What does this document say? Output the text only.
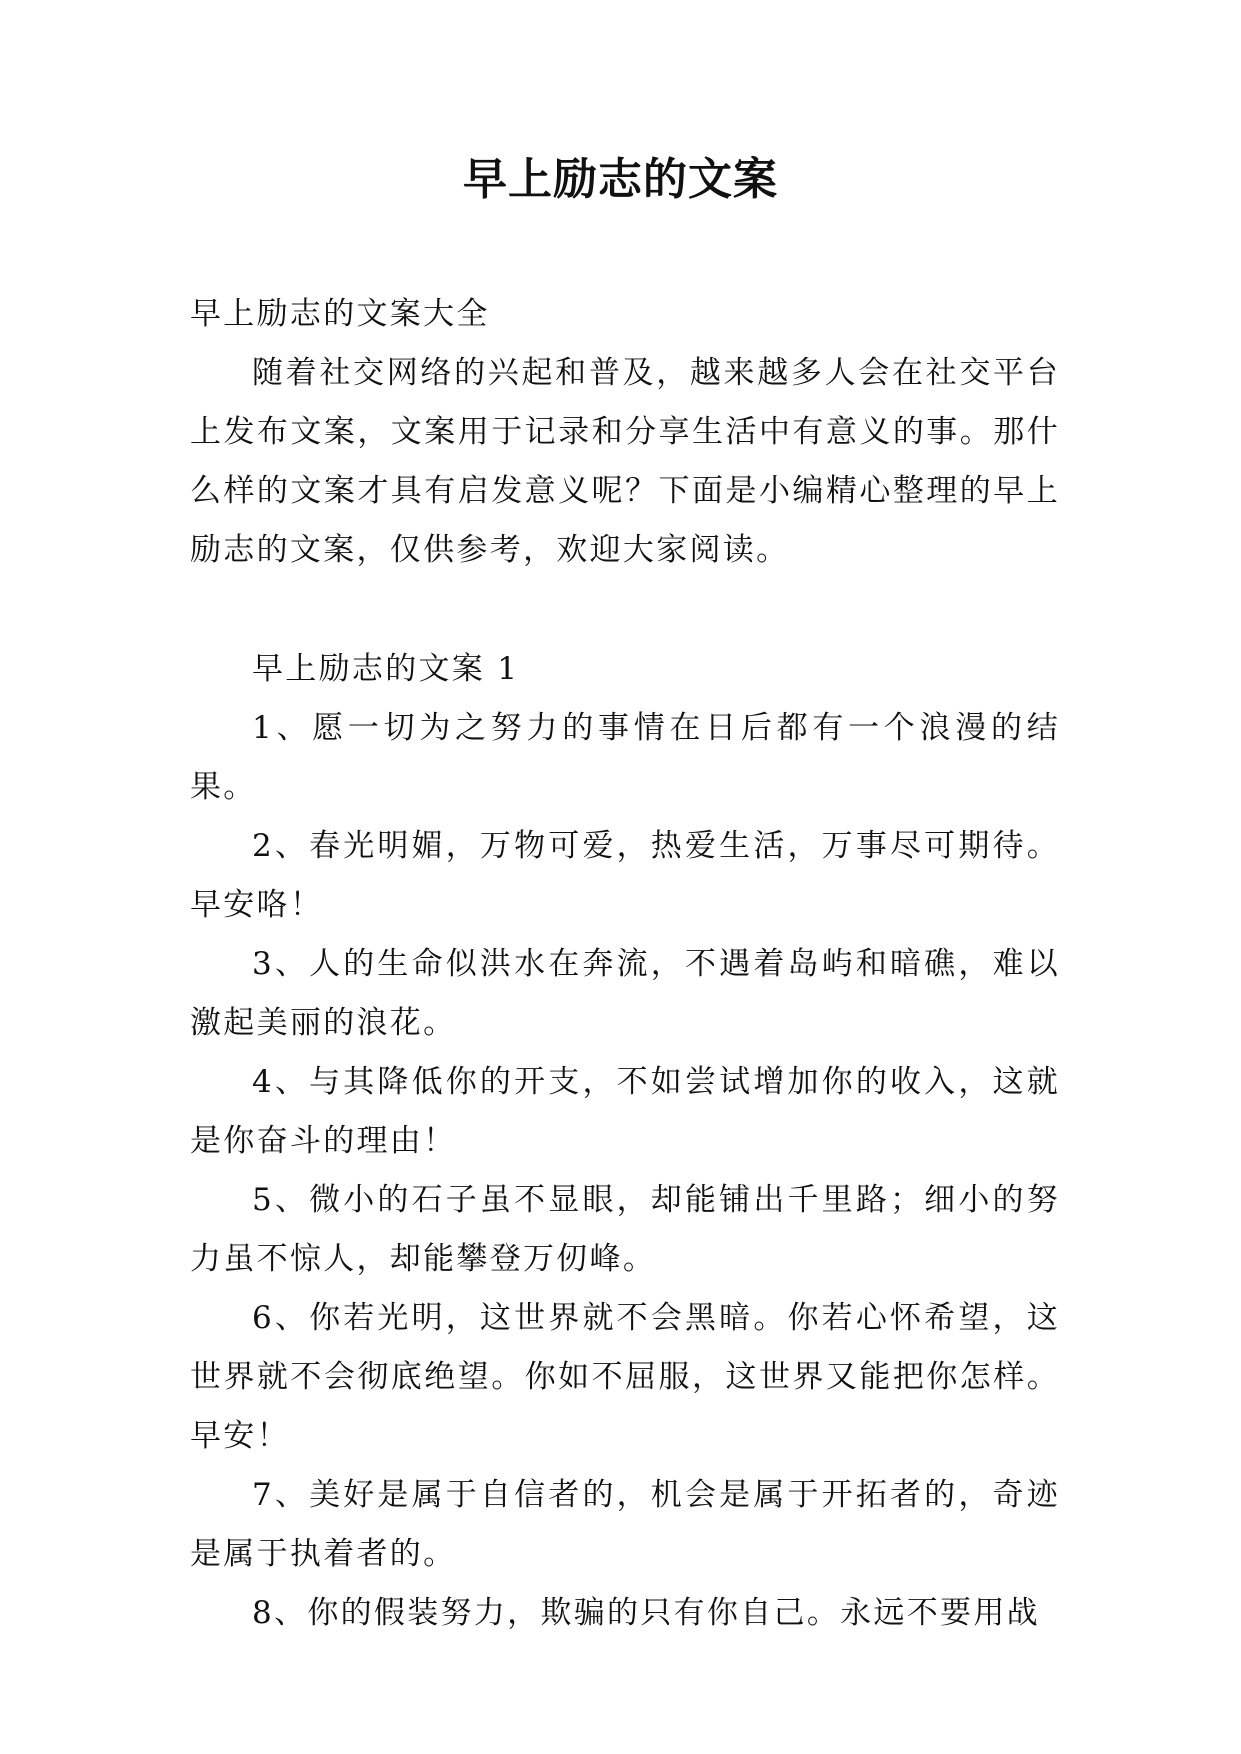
早上励志的文案

早上励志的文案大全

随着社交网络的兴起和普及，越来越多人会在社交平台上发布文案，文案用于记录和分享生活中有意义的事。那什么样的文案才具有启发意义呢？下面是小编精心整理的早上励志的文案，仅供参考，欢迎大家阅读。

早上励志的文案 1

1、愿一切为之努力的事情在日后都有一个浪漫的结果。

2、春光明媚，万物可爱，热爱生活，万事尽可期待。早安咯！

3、人的生命似洪水在奔流，不遇着岛屿和暗礁，难以激起美丽的浪花。

4、与其降低你的开支，不如尝试增加你的收入，这就是你奋斗的理由！

5、微小的石子虽不显眼，却能铺出千里路；细小的努力虽不惊人，却能攀登万仞峰。

6、你若光明，这世界就不会黑暗。你若心怀希望，这世界就不会彻底绝望。你如不屈服，这世界又能把你怎样。早安！

7、美好是属于自信者的，机会是属于开拓者的，奇迹是属于执着者的。

8、你的假装努力，欺骗的只有你自己。永远不要用战
